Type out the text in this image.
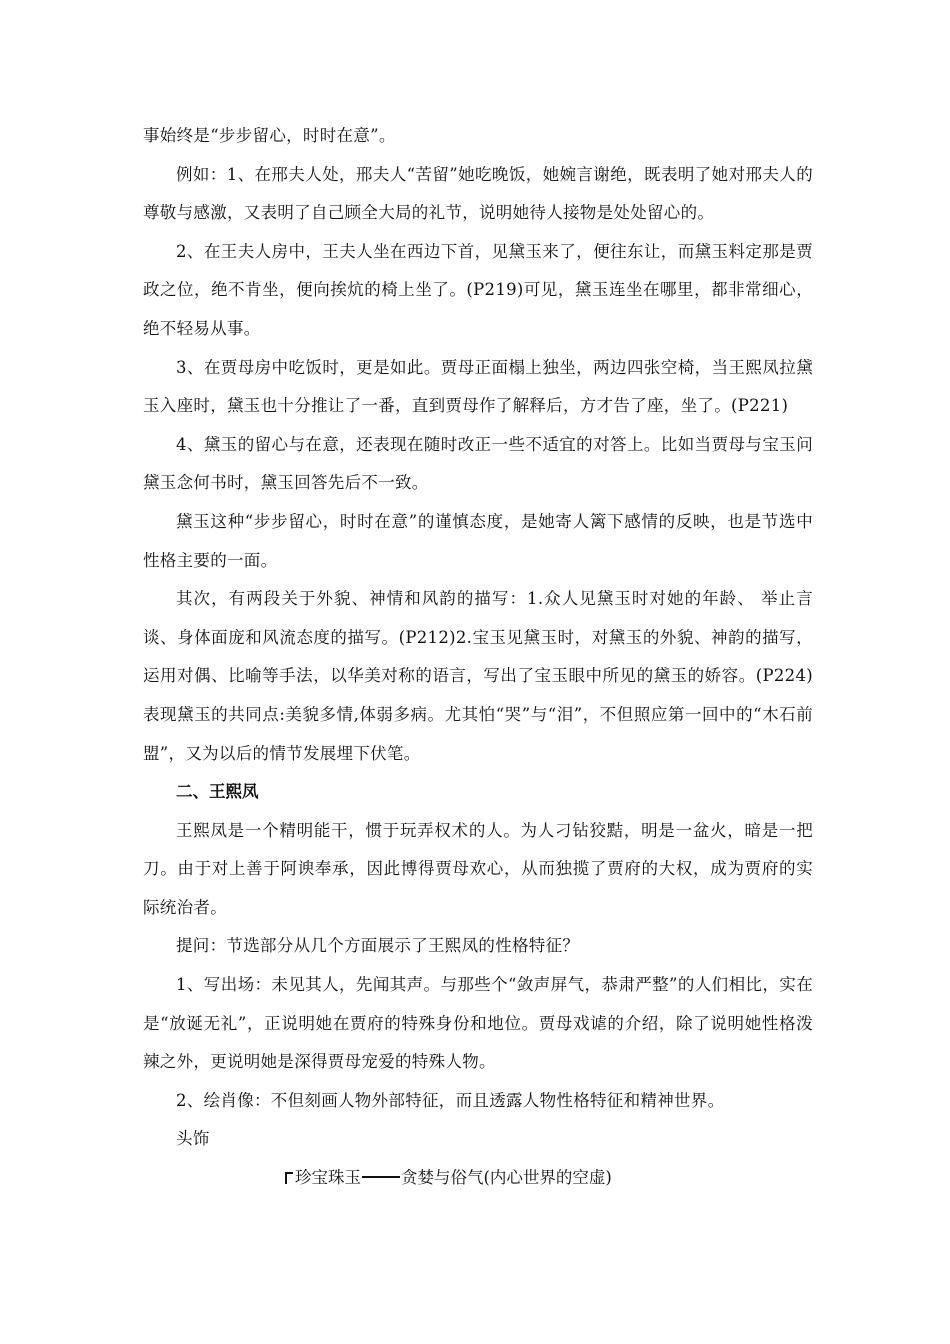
事始终是“步步留心，时时在意”。

例如：1、在邢夫人处，邢夫人“苦留”她吃晚饭，她婉言谢绝，既表明了她对邢夫人的尊敬与感激，又表明了自己顾全大局的礼节，说明她待人接物是处处留心的。

2、在王夫人房中，王夫人坐在西边下首，见黛玉来了，便往东让，而黛玉料定那是贾政之位，绝不肯坐，便向挨炕的椅上坐了。(P219)可见，黛玉连坐在哪里，都非常细心，绝不轻易从事。

3、在贾母房中吃饭时，更是如此。贾母正面榻上独坐，两边四张空椅，当王熙凤拉黛玉入座时，黛玉也十分推让了一番，直到贾母作了解释后，方才告了座，坐了。(P221)

4、黛玉的留心与在意，还表现在随时改正一些不适宜的对答上。比如当贾母与宝玉问黛玉念何书时，黛玉回答先后不一致。

黛玉这种“步步留心，时时在意”的谨慎态度，是她寄人篱下感情的反映，也是节选中性格主要的一面。

其次，有两段关于外貌、神情和风韵的描写：1.众人见黛玉时对她的年龄、 举止言谈、身体面庞和风流态度的描写。(P212)2.宝玉见黛玉时，对黛玉的外貌、神韵的描写，运用对偶、比喻等手法，以华美对称的语言，写出了宝玉眼中所见的黛玉的娇容。(P224)表现黛玉的共同点:美貌多情,体弱多病。尤其怕“哭”与“泪”，不但照应第一回中的“木石前盟”，又为以后的情节发展埋下伏笔。

二、王熙凤

王熙凤是一个精明能干，惯于玩弄权术的人。为人刁钻狡黠，明是一盆火，暗是一把刀。由于对上善于阿谀奉承，因此博得贾母欢心，从而独揽了贾府的大权，成为贾府的实际统治者。

提问：节选部分从几个方面展示了王熙凤的性格特征？

1、写出场：未见其人，先闻其声。与那些个“敛声屏气，恭肃严整”的人们相比，实在是“放诞无礼”，正说明她在贾府的特殊身份和地位。贾母戏谑的介绍，除了说明她性格泼辣之外，更说明她是深得贾母宠爱的特殊人物。

2、绘肖像：不但刻画人物外部特征，而且透露人物性格特征和精神世界。

头饰

珍宝珠玉 贪婪与俗气(内心世界的空虚)
